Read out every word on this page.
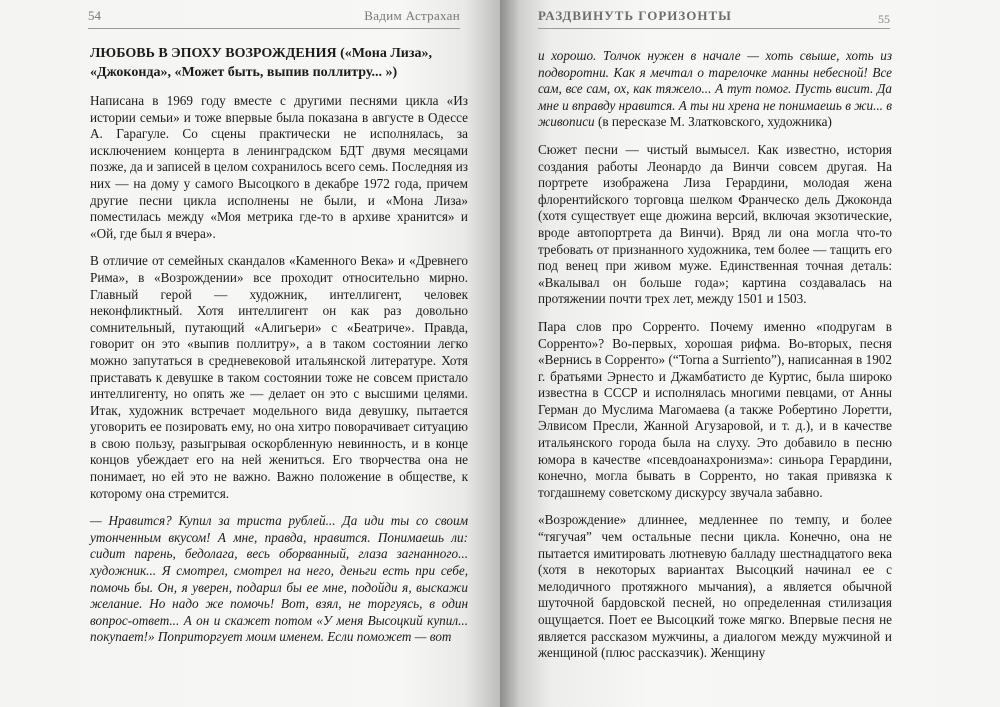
54	Вадим Астрахан
ЛЮБОВЬ В ЭПОХУ ВОЗРОЖДЕНИЯ («Мона Лиза», «Джоконда», «Может быть, выпив поллитру... »)

Написана в 1969 году вместе с другими песнями цикла «Из истории семьи» и тоже впервые была показана в августе в Одессе А. Гарагуле. Со сцены практически не исполнялась, за исключением концерта в ленинградском БДТ двумя месяцами позже, да и записей в целом сохранилось всего семь. Последняя из них — на дому у самого Высоцкого в декабре 1972 года, причем другие песни цикла исполнены не были, и «Мона Лиза» поместилась между «Моя метрика где-то в архиве хранится» и «Ой, где был я вчера».

В отличие от семейных скандалов «Каменного Века» и «Древнего Рима», в «Возрождении» все проходит относительно мирно. Главный герой — художник, интеллигент, человек неконфликтный. Хотя интеллигент он как раз довольно сомнительный, путающий «Алигьери» с «Беатриче». Правда, говорит он это «выпив поллитру», а в таком состоянии легко можно запутаться в средневековой итальянской литературе. Хотя приставать к девушке в таком состоянии тоже не совсем пристало интеллигенту, но опять же — делает он это с высшими целями. Итак, художник встречает модельного вида девушку, пытается уговорить ее позировать ему, но она хитро поворачивает ситуацию в свою пользу, разыгрывая оскорбленную невинность, и в конце концов убеждает его на ней жениться. Его творчества она не понимает, но ей это не важно. Важно положение в обществе, к которому она стремится.

— Нравится? Купил за триста рублей... Да иди ты со своим утонченным вкусом! А мне, правда, нравится. Понимаешь ли: сидит парень, бедолага, весь оборванный, глаза загнанного... художник... Я смотрел, смотрел на него, деньги есть при себе, помочь бы. Он, я уверен, подарил бы ее мне, подойди я, выскажи желание. Но надо же помочь! Вот, взял, не торгуясь, в один вопрос-ответ... А он и скажет потом «У меня Высоцкий купил... покупает!» Поприторгует моим именем. Если поможет — вот

РАЗДВИНУТЬ ГОРИЗОНТЫ	55

и хорошо. Толчок нужен в начале — хоть свыше, хоть из подворотни. Как я мечтал о тарелочке манны небесной! Все сам, все сам, ох, как тяжело... А тут помог. Пусть висит. Да мне и вправду нравится. А ты ни хрена не понимаешь в жи... в живописи (в пересказе М. Златковского, художника)

Сюжет песни — чистый вымысел. Как известно, история создания работы Леонардо да Винчи совсем другая. На портрете изображена Лиза Герардини, молодая жена флорентийского торговца шелком Франческо дель Джоконда (хотя существует еще дюжина версий, включая экзотические, вроде автопортрета да Винчи). Вряд ли она могла что-то требовать от признанного художника, тем более — тащить его под венец при живом муже. Единственная точная деталь: «Вкалывал он больше года»; картина создавалась на протяжении почти трех лет, между 1501 и 1503.

Пара слов про Сорренто. Почему именно «подругам в Сорренто»? Во-первых, хорошая рифма. Во-вторых, песня «Вернись в Сорренто» (“Torna a Surriento”), написанная в 1902 г. братьями Эрнесто и Джамбатисто де Куртис, была широко известна в СССР и исполнялась многими певцами, от Анны Герман до Муслима Магомаева (а также Робертино Лоретти, Элвисом Пресли, Жанной Агузаровой, и т. д.), и в качестве итальянского города была на слуху. Это добавило в песню юмора в качестве «псевдоанахронизма»: синьора Герардини, конечно, могла бывать в Сорренто, но такая привязка к тогдашнему советскому дискурсу звучала забавно.

«Возрождение» длиннее, медленнее по темпу, и более “тягучая” чем остальные песни цикла. Конечно, она не пытается имитировать лютневую балладу шестнадцатого века (хотя в некоторых вариантах Высоцкий начинал ее с мелодичного протяжного мычания), а является обычной шуточной бардовской песней, но определенная стилизация ощущается. Поет ее Высоцкий тоже мягко. Впервые песня не является рассказом мужчины, а диалогом между мужчиной и женщиной (плюс рассказчик). Женщину
